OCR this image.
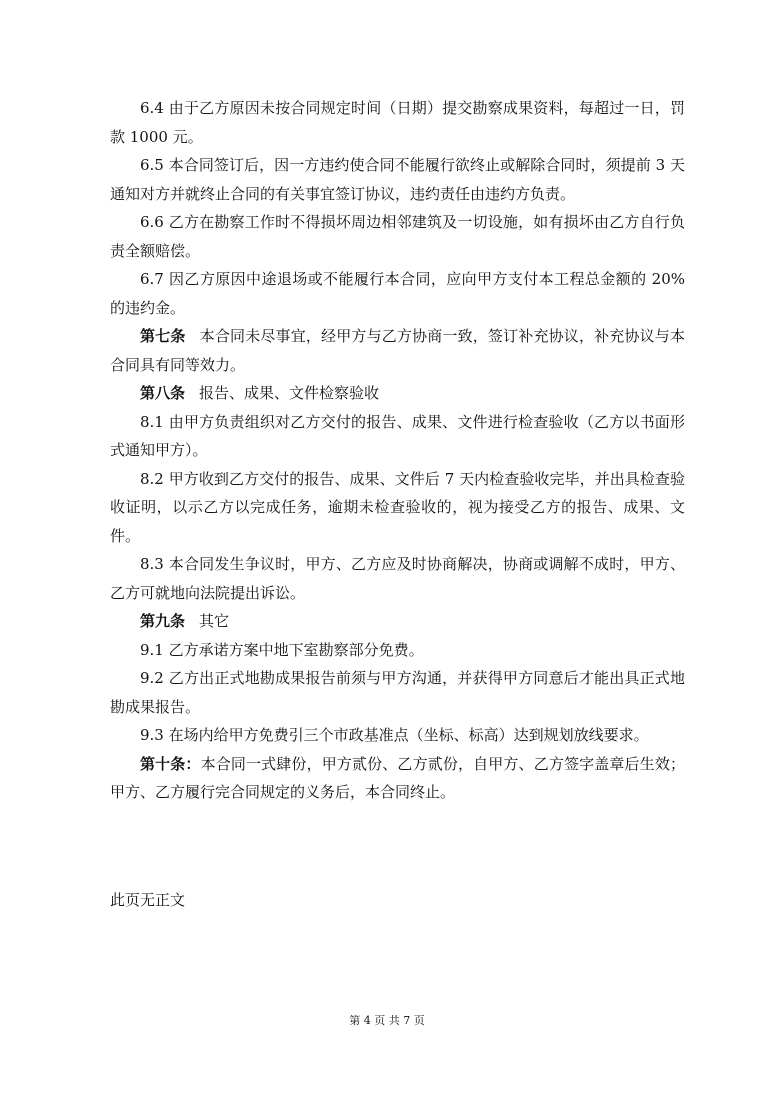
6.4 由于乙方原因未按合同规定时间（日期）提交勘察成果资料，每超过一日，罚款 1000 元。

6.5 本合同签订后，因一方违约使合同不能履行欲终止或解除合同时，须提前 3 天通知对方并就终止合同的有关事宜签订协议，违约责任由违约方负责。

6.6 乙方在勘察工作时不得损坏周边相邻建筑及一切设施，如有损坏由乙方自行负责全额赔偿。

6.7 因乙方原因中途退场或不能履行本合同，应向甲方支付本工程总金额的 20%的违约金。

第七条 本合同未尽事宜，经甲方与乙方协商一致，签订补充协议，补充协议与本合同具有同等效力。

第八条 报告、成果、文件检察验收

8.1 由甲方负责组织对乙方交付的报告、成果、文件进行检查验收（乙方以书面形式通知甲方）。

8.2 甲方收到乙方交付的报告、成果、文件后 7 天内检查验收完毕，并出具检查验收证明，以示乙方以完成任务，逾期未检查验收的，视为接受乙方的报告、成果、文件。

8.3 本合同发生争议时，甲方、乙方应及时协商解决，协商或调解不成时，甲方、乙方可就地向法院提出诉讼。

第九条 其它

9.1 乙方承诺方案中地下室勘察部分免费。

9.2 乙方出正式地勘成果报告前须与甲方沟通，并获得甲方同意后才能出具正式地勘成果报告。

9.3 在场内给甲方免费引三个市政基准点（坐标、标高）达到规划放线要求。

第十条：本合同一式肆份，甲方贰份、乙方贰份，自甲方、乙方签字盖章后生效；甲方、乙方履行完合同规定的义务后，本合同终止。

此页无正文

第 4 页 共 7 页
